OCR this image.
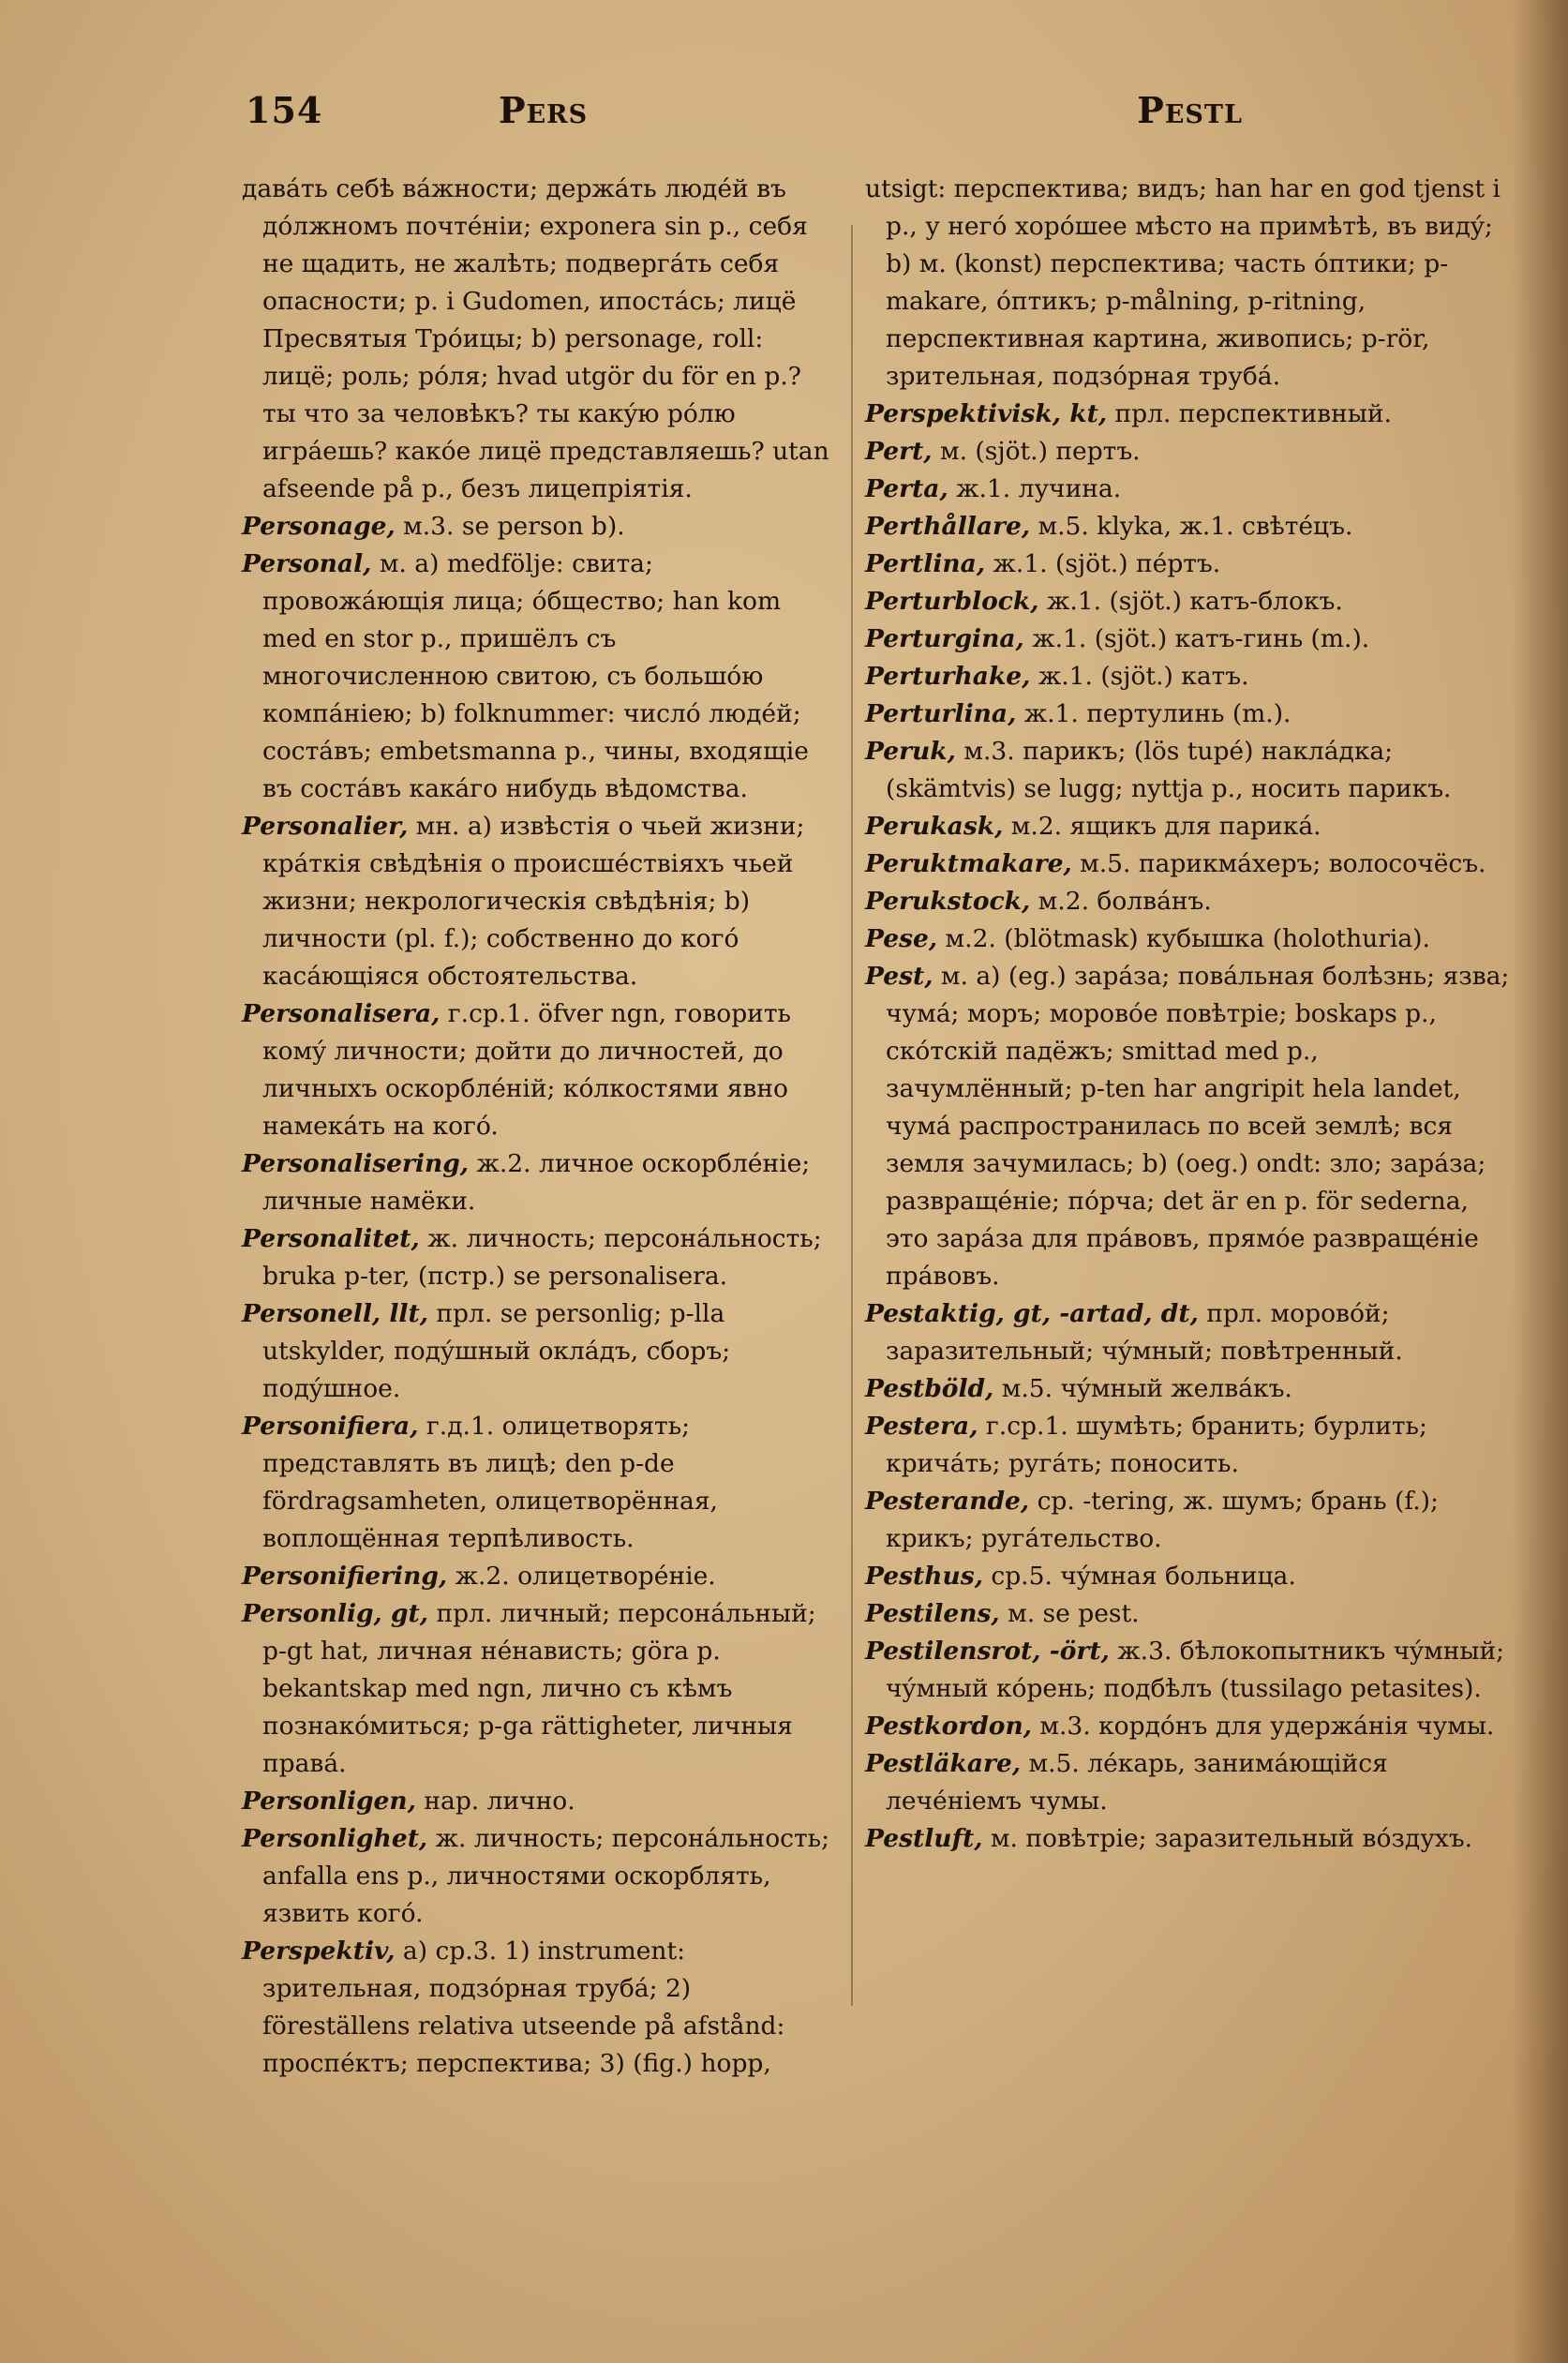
154	Pers	Pestl
давáть себѣ вáжности; держáть людéй въ дóлжномъ почтéніи; exponera sin p., себя не щадить, не жалѣть; подвергáть себя опасности; p. i Gudomen, ипостáсь; лицё Пресвятыя Трóицы; b) personage, roll: лицё; роль; рóля; hvad utgör du för en p.? ты что за человѣкъ? ты какýю рóлю игрáешь? какóе лицё представляешь? utan afseende på p., безъ лицепріятія.
Personage, м.3. se person b).
Personal, м. a) medfölje: свита; провожáющія лица; óбщество; han kom med en stor p., пришёлъ съ многочисленною свитою, съ большóю компáніею; b) folknummer: числó людéй; состáвъ; embetsmanna p., чины, входящіе въ состáвъ какáго нибудь вѣдомства.
Personalier, мн. a) извѣстія о чьей жизни; крáткія свѣдѣнія о происшéствіяхъ чьей жизни; некрологическія свѣдѣнія; b) личности (pl. f.); собственно до когó касáющіяся обстоятельства.
Personalisera, г.ср.1. öfver ngn, говорить комý личности; дойти до личностей, до личныхъ оскорблéній; кóлкостями явно намекáть на когó.
Personalisering, ж.2. личное оскорблéніе; личные намёки.
Personalitet, ж. личность; персонáльность; bruka p-ter, (пстр.) se personalisera.
Personell, llt, прл. se personlig; p-lla utskylder, подýшный оклáдъ, сборъ; подýшное.
Personifiera, г.д.1. олицетворять; представлять въ лицѣ; den p-de fördragsamheten, олицетворённая, воплощённая терпѣливость.
Personifiering, ж.2. олицетворéніе.
Personlig, gt, прл. личный; персонáльный; p-gt hat, личная нéнависть; göra p. bekantskap med ngn, лично съ кѣмъ познакóмиться; p-ga rättigheter, личныя правá.
Personligen, нар. лично.
Personlighet, ж. личность; персонáльность; anfalla ens p., личностями оскорблять, язвить когó.
Perspektiv, a) ср.3. 1) instrument: зрительная, подзóрная трубá; 2) föreställens relativa utseende på afstånd: проспéктъ; перспектива; 3) (fig.) hopp,
utsigt: перспектива; видъ; han har en god tjenst i p., у негó хорóшее мѣсто на примѣтѣ, въ видý; b) м. (konst) перспектива; часть óптики; p-makare, óптикъ; p-målning, p-ritning, перспективная картина, живопись; p-rör, зрительная, подзóрная трубá.
Perspektivisk, kt, прл. перспективный.
Pert, м. (sjöt.) пертъ.
Perta, ж.1. лучина.
Perthållare, м.5. klyka, ж.1. свѣтéцъ.
Pertlina, ж.1. (sjöt.) пéртъ.
Perturblock, ж.1. (sjöt.) катъ-блокъ.
Perturgina, ж.1. (sjöt.) катъ-гинь (m.).
Perturhake, ж.1. (sjöt.) катъ.
Perturlina, ж.1. пертулинь (m.).
Peruk, м.3. парикъ; (lös tupé) наклáдка; (skämtvis) se lugg; nyttja p., носить парикъ.
Perukask, м.2. ящикъ для парикá.
Peruktmakare, м.5. парикмáхеръ; волосочёсъ.
Perukstock, м.2. болвáнъ.
Pese, м.2. (blötmask) кубышка (holothuria).
Pest, м. a) (eg.) зарáза; повáльная болѣзнь; язва; чумá; моръ; моровóе повѣтріе; boskaps p., скóтскій падёжъ; smittad med p., зачумлённый; p-ten har angripit hela landet, чумá распространилась по всей землѣ; вся земля зачумилась; b) (oeg.) ondt: зло; зарáза; развращéніе; пóрча; det är en p. för sederna, это зарáза для прáвовъ, прямóе развращéніе прáвовъ.
Pestaktig, gt, -artad, dt, прл. моровóй; заразительный; чýмный; повѣтренный.
Pestböld, м.5. чýмный желвáкъ.
Pestera, г.ср.1. шумѣть; бранить; бурлить; кричáть; ругáть; поносить.
Pesterande, ср. -tering, ж. шумъ; брань (f.); крикъ; ругáтельство.
Pesthus, ср.5. чýмная больница.
Pestilens, м. se pest.
Pestilensrot, -ört, ж.3. бѣлокопытникъ чýмный; чýмный кóрень; подбѣлъ (tussilago petasites).
Pestkordon, м.3. кордóнъ для удержáнія чумы.
Pestläkare, м.5. лéкарь, занимáющійся лечéніемъ чумы.
Pestluft, м. повѣтріе; заразительный вóздухъ.
